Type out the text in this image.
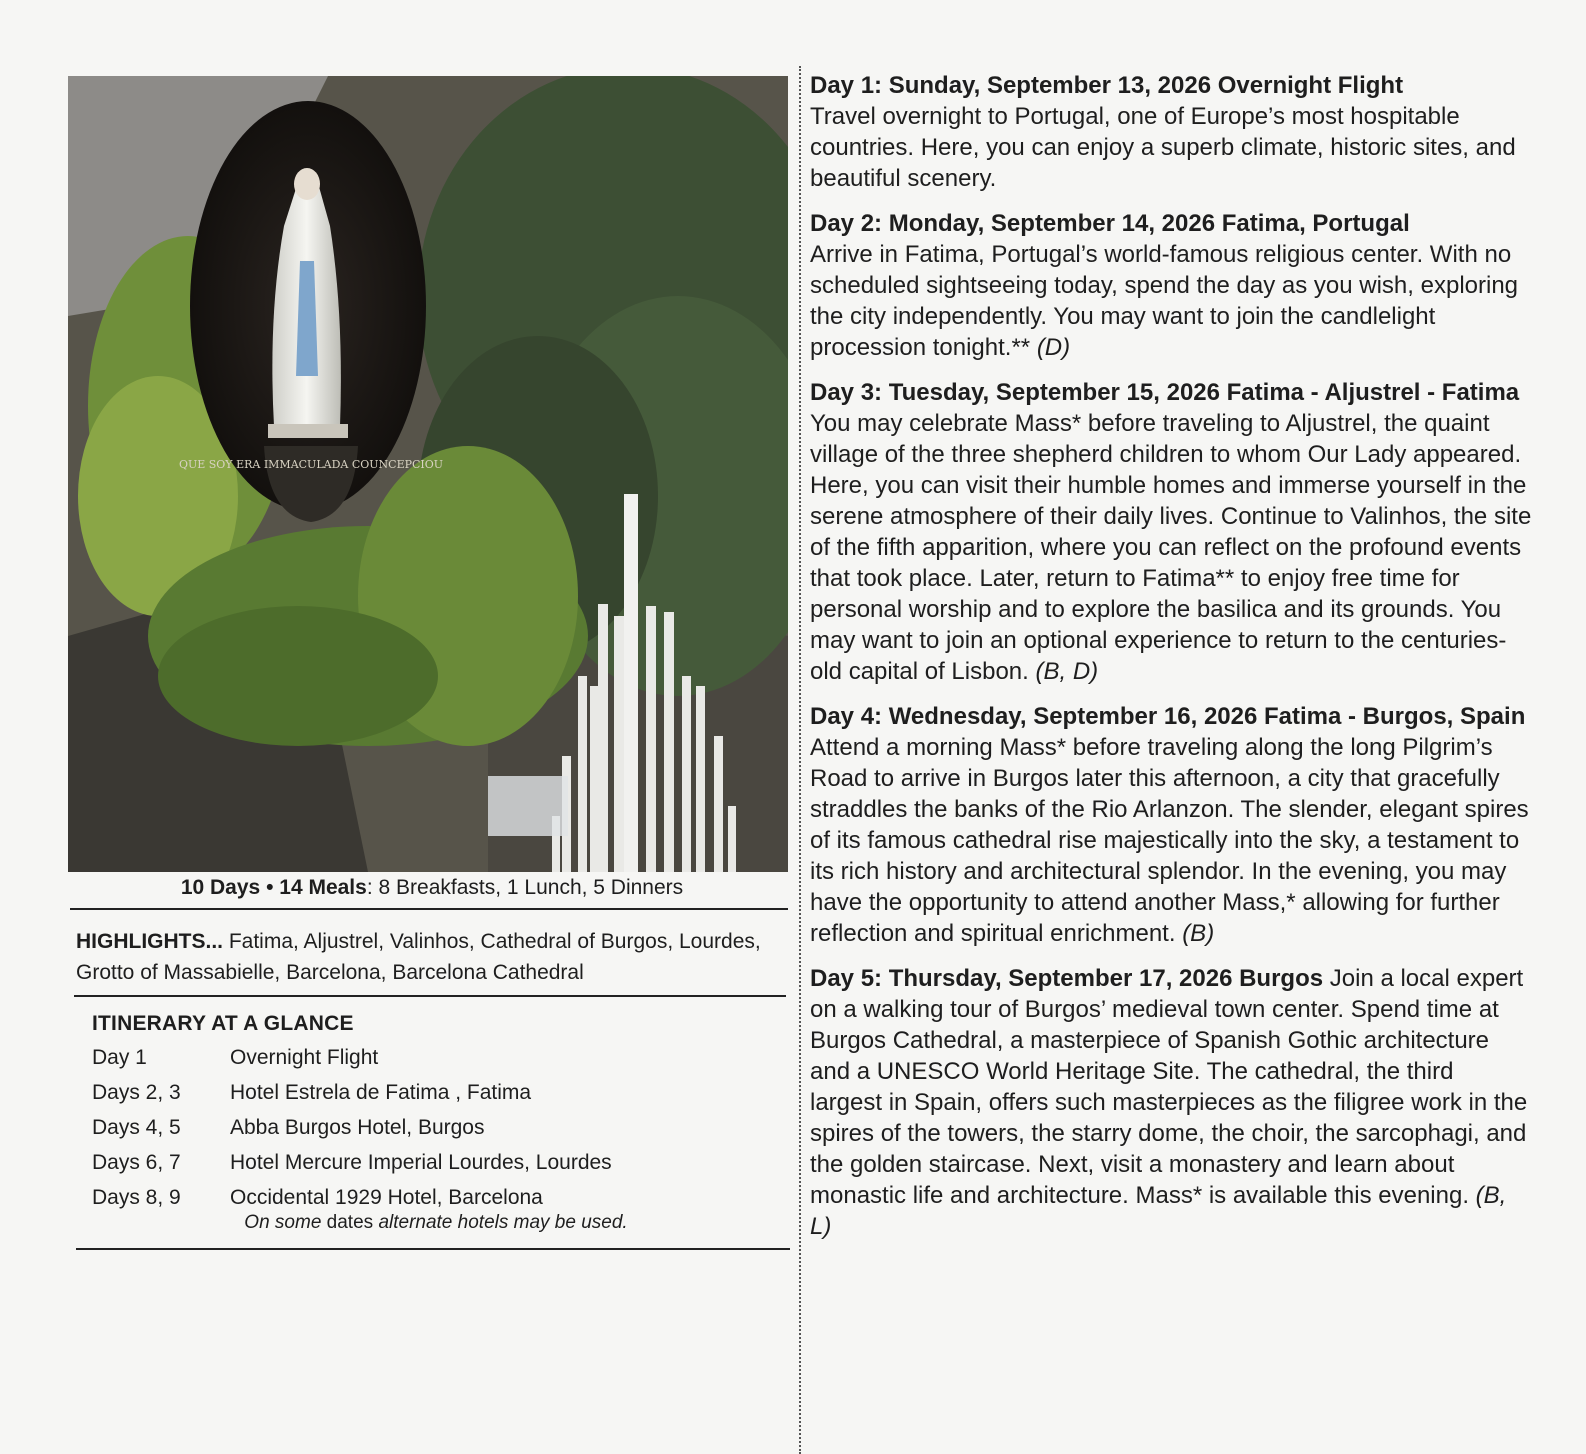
QUE SOY ERA IMMACULADA COUNCEPCIOU
10 Days • 14 Meals: 8 Breakfasts, 1 Lunch, 5 Dinners
HIGHLIGHTS... Fatima, Aljustrel, Valinhos, Cathedral of Burgos, Lourdes, Grotto of Massabielle, Barcelona, Barcelona Cathedral
ITINERARY AT A GLANCE
Day 1	Overnight Flight
Days 2, 3	Hotel Estrela de Fatima , Fatima
Days 4, 5	Abba Burgos Hotel, Burgos
Days 6, 7	Hotel Mercure Imperial Lourdes, Lourdes
Days 8, 9	Occidental 1929 Hotel, Barcelona
On some dates alternate hotels may be used.

Day 1: Sunday, September 13, 2026 Overnight Flight
Travel overnight to Portugal, one of Europe’s most hospitable countries. Here, you can enjoy a superb climate, historic sites, and beautiful scenery.

Day 2: Monday, September 14, 2026 Fatima, Portugal
Arrive in Fatima, Portugal’s world-famous religious center. With no scheduled sightseeing today, spend the day as you wish, exploring the city independently. You may want to join the candlelight procession tonight.** (D)

Day 3: Tuesday, September 15, 2026 Fatima - Aljustrel - Fatima You may celebrate Mass* before traveling to Aljustrel, the quaint village of the three shepherd children to whom Our Lady appeared. Here, you can visit their humble homes and immerse yourself in the serene atmosphere of their daily lives. Continue to Valinhos, the site of the fifth apparition, where you can reflect on the profound events that took place. Later, return to Fatima** to enjoy free time for personal worship and to explore the basilica and its grounds. You may want to join an optional experience to return to the centuries-old capital of Lisbon. (B, D)

Day 4: Wednesday, September 16, 2026 Fatima - Burgos, Spain Attend a morning Mass* before traveling along the long Pilgrim’s Road to arrive in Burgos later this afternoon, a city that gracefully straddles the banks of the Rio Arlanzon. The slender, elegant spires of its famous cathedral rise majestically into the sky, a testament to its rich history and architectural splendor. In the evening, you may have the opportunity to attend another Mass,* allowing for further reflection and spiritual enrichment. (B)

Day 5: Thursday, September 17, 2026 Burgos Join a local expert on a walking tour of Burgos’ medieval town center. Spend time at Burgos Cathedral, a masterpiece of Spanish Gothic architecture and a UNESCO World Heritage Site. The cathedral, the third largest in Spain, offers such masterpieces as the filigree work in the spires of the towers, the starry dome, the choir, the sarcophagi, and the golden staircase. Next, visit a monastery and learn about monastic life and architecture. Mass* is available this evening. (B, L)
